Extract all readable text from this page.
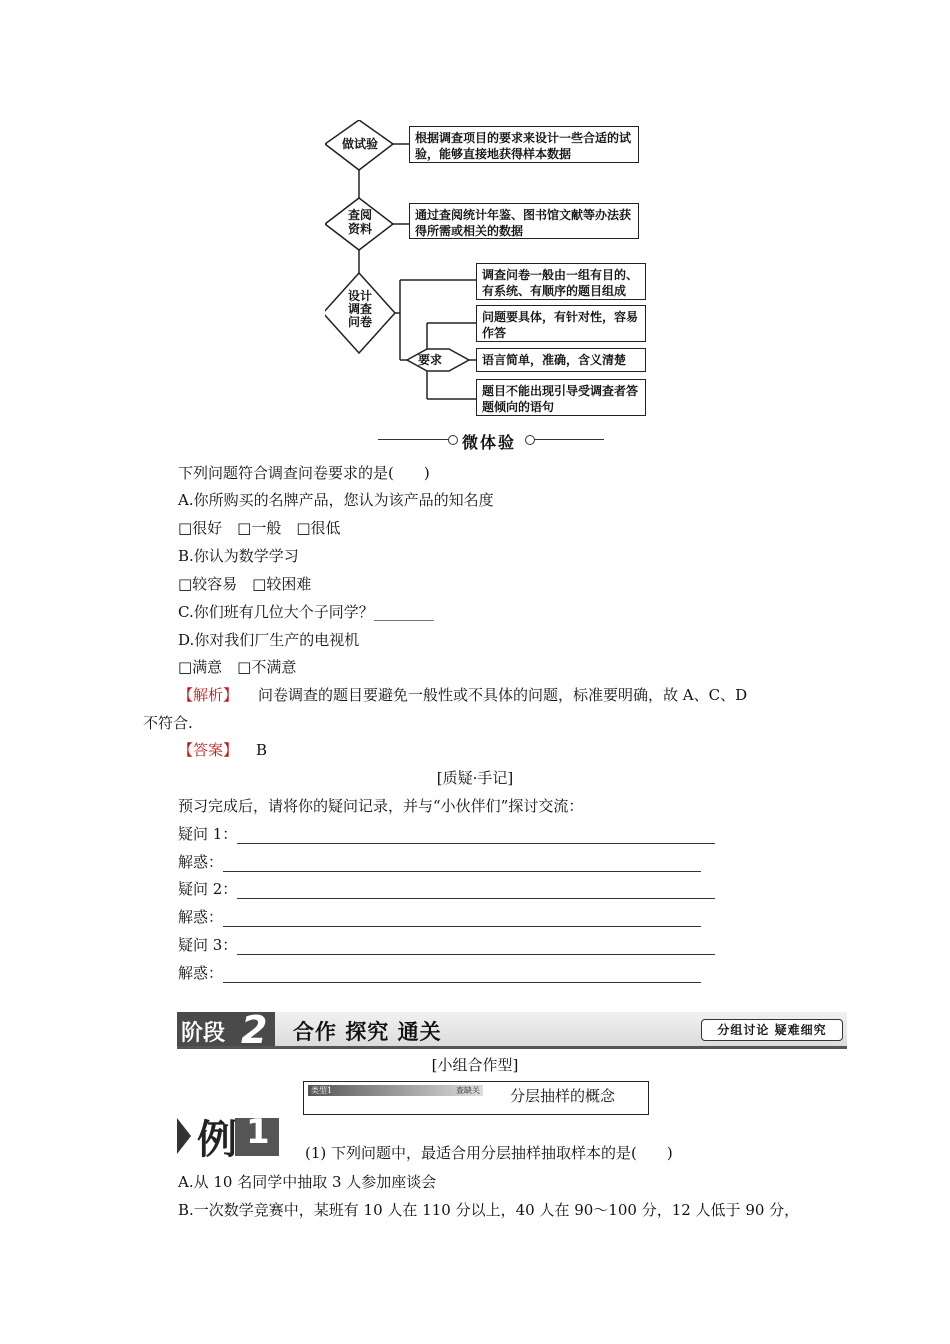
做试验
查阅资料
设计调查问卷
要求
根据调查项目的要求来设计一些合适的试验，能够直接地获得样本数据
通过查阅统计年鉴、图书馆文献等办法获得所需或相关的数据
调查问卷一般由一组有目的、有系统、有顺序的题目组成
问题要具体，有针对性，容易作答
语言简单，准确，含义清楚
题目不能出现引导受调查者答题倾向的语句
微体验
下列问题符合调查问卷要求的是(　　)
A.你所购买的名牌产品，您认为该产品的知名度
□很好　□一般　□很低
B.你认为数学学习
□较容易　□较困难
C.你们班有几位大个子同学？________
D.你对我们厂生产的电视机
□满意　□不满意
【解析】 问卷调查的题目要避免一般性或不具体的问题，标准要明确，故 A、C、D
不符合.
【答案】 B
[质疑·手记]
预习完成后，请将你的疑问记录，并与“小伙伴们”探讨交流：
疑问 1：
解惑：
疑问 2：
解惑：
疑问 3：
解惑：
阶段 2 合作 探究 通关	分组讨论 疑难细究
[小组合作型]
类型1	查缺关 分层抽样的概念
例 1
(1) 下列问题中，最适合用分层抽样抽取样本的是(　　)
A.从 10 名同学中抽取 3 人参加座谈会
B.一次数学竞赛中，某班有 10 人在 110 分以上，40 人在 90～100 分，12 人低于 90 分，
